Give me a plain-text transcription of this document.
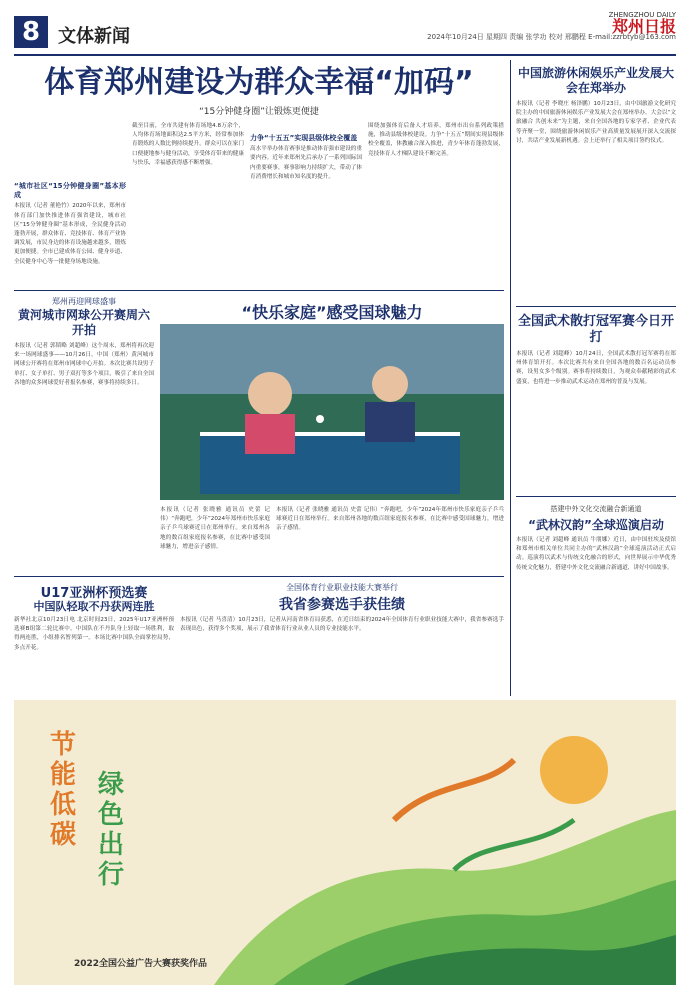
8 文体新闻
ZHENGZHOU DAILY
郑州日报
2024年10月24日 星期四 责编 张学功 校对 邢鹏程 E-mail:zzrbtyb@163.com
体育郑州建设为群众幸福“加码”
“15分钟健身圈”让锻炼更便捷
“城市社区“15分钟健身圈”基本形成
本报讯（记者 董艳竹）2020年以来，郑州市体育部门加快推进体育强省建设，城市社区“15分钟健身圈”基本形成，全民健身活动蓬勃开展，群众体育、竞技体育、体育产业协调发展，市民身边的体育设施越来越多，锻炼更加便捷。全市已建成体育公园、健身步道、全民健身中心等一批健身场地设施。
截至目前，全市共建有体育场地4.8万余个，人均体育场地面积达2.5平方米，经常参加体育锻炼的人数比例持续提升。群众可以在家门口便捷地参与健身活动，享受体育带来的健康与快乐，幸福感获得感不断增强。
力争“十五五”实现县级体校全覆盖
高水平举办体育赛事是推动体育强市建设的重要内容。近年来郑州先后承办了一系列国际国内重要赛事，赛事影响力持续扩大，带动了体育消费增长和城市知名度的提升。
围绕加强体育后备人才培养，郑州市出台系列政策措施，推动县级体校建设。力争“十五五”期间实现县级体校全覆盖，体教融合深入推进，青少年体育蓬勃发展，竞技体育人才梯队建设不断完善。
中国旅游休闲娱乐产业发展大会在郑举办
本报讯（记者 李晓庄 杨泽鹏）10月23日，由中国旅游文化研究院主办的中国旅游休闲娱乐产业发展大会在郑州举办。大会以“文旅融合 共创未来”为主题，来自全国各地的专家学者、企业代表等齐聚一堂，围绕旅游休闲娱乐产业高质量发展展开深入交流探讨，共话产业发展新机遇。会上还举行了相关项目签约仪式。
全国武术散打冠军赛今日开打
本报讯（记者 刘超峰）10月24日，全国武术散打冠军赛将在郑州体育馆开打。本次比赛共有来自全国各地的数百名运动员参赛，设男女多个级别。赛事将持续数日，为观众奉献精彩的武术盛宴，也将进一步推动武术运动在郑州的普及与发展。
搭建中外文化交流融合新通道
“武林汉韵”全球巡演启动
本报讯（记者 刘超峰 通讯员 牛朋娜）近日，由中国驻埃及使馆和郑州市相关单位共同主办的“武林汉韵”全球巡演活动正式启动。巡演将以武术与传统文化融合的形式，向世界展示中华优秀传统文化魅力，搭建中外文化交流融合新通道，讲好中国故事。
郑州再迎网球盛事
黄河城市网球公开赛周六开拍
本报讯（记者 郭韬略 刘超峰）这个周末，郑州将再次迎来一场网球盛事——10月26日，中国（郑州）黄河城市网球公开赛将在郑州市网球中心开拍。本次比赛共设男子单打、女子单打、男子双打等多个项目，吸引了来自全国各地的众多网球爱好者报名参赛，赛事将持续多日。
“快乐家庭”感受国球魅力
本报讯（记者 张晓雅 通讯员 史蕾 记伟）“奔跑吧，少年”2024年郑州市快乐家庭亲子乒乓球赛近日在郑州举行。来自郑州各地的数百组家庭报名参赛，在比赛中感受国球魅力，增进亲子感情。
本报讯（记者 张晓雅 通讯员 史蕾 记伟）“奔跑吧，少年”2024年郑州市快乐家庭亲子乒乓球赛近日在郑州举行。来自郑州各地的数百组家庭报名参赛，在比赛中感受国球魅力，增进亲子感情。
U17亚洲杯预选赛
中国队轻取不丹获两连胜
新华社北京10月23日电 北京时间23日，2025年U17亚洲杯预选赛B组第二轮比赛中，中国队在不丹队身上轻取一场胜利，取得两连胜，小组排名暂列第一。本场比赛中国队全面掌控局势，多点开花。
全国体育行业职业技能大赛举行
我省参赛选手获佳绩
本报讯（记者 马喜清）10月23日，记者从河南省体育局获悉，在近日结束的2024年全国体育行业职业技能大赛中，我省参赛选手表现出色，获得多个奖项，展示了我省体育行业从业人员的专业技能水平。
节能低碳
绿色出行
2022全国公益广告大赛获奖作品
